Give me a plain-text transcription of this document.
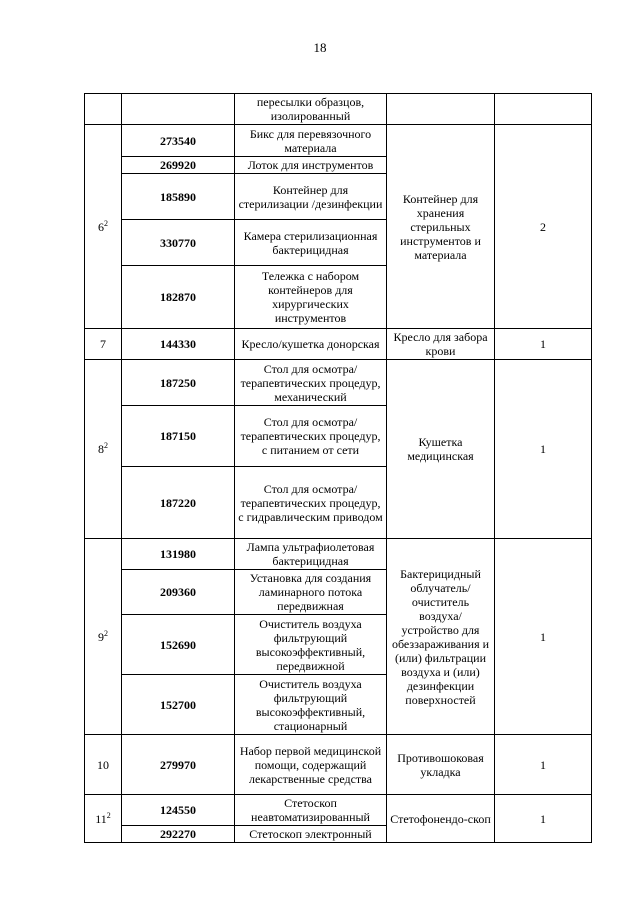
18
		пересылки образцов, изолированный		
$6^2$	273540	Бикс для перевязочного материала	Контейнер для хранения стерильных инструментов и материала	2
	269920	Лоток для инструментов		
	185890	Контейнер для стерилизации /дезинфекции		
	330770	Камера стерилизационная бактерицидная		
	182870	Тележка с набором контейнеров для хирургических инструментов		
7	144330	Кресло/кушетка донорская	Кресло для забора крови	1
$8^2$	187250	Стол для осмотра/терапевтических процедур, механический	Кушетка медицинская	1
	187150	Стол для осмотра/терапевтических процедур, с питанием от сети		
	187220	Стол для осмотра/терапевтических процедур, с гидравлическим приводом		
$9^2$	131980	Лампа ультрафиолетовая бактерицидная	Бактерицидный облучатель/ очиститель воздуха/ устройство для обеззараживания и (или) фильтрации воздуха и (или) дезинфекции поверхностей	1
	209360	Установка для создания ламинарного потока передвижная		
	152690	Очиститель воздуха фильтрующий высокоэффективный, передвижной		
	152700	Очиститель воздуха фильтрующий высокоэффективный, стационарный		
10	279970	Набор первой медицинской помощи, содержащий лекарственные средства	Противошоковая укладка	1
$11^2$	124550	Стетоскоп неавтоматизированный	Стетофонендо-скоп	1
	292270	Стетоскоп электронный		
